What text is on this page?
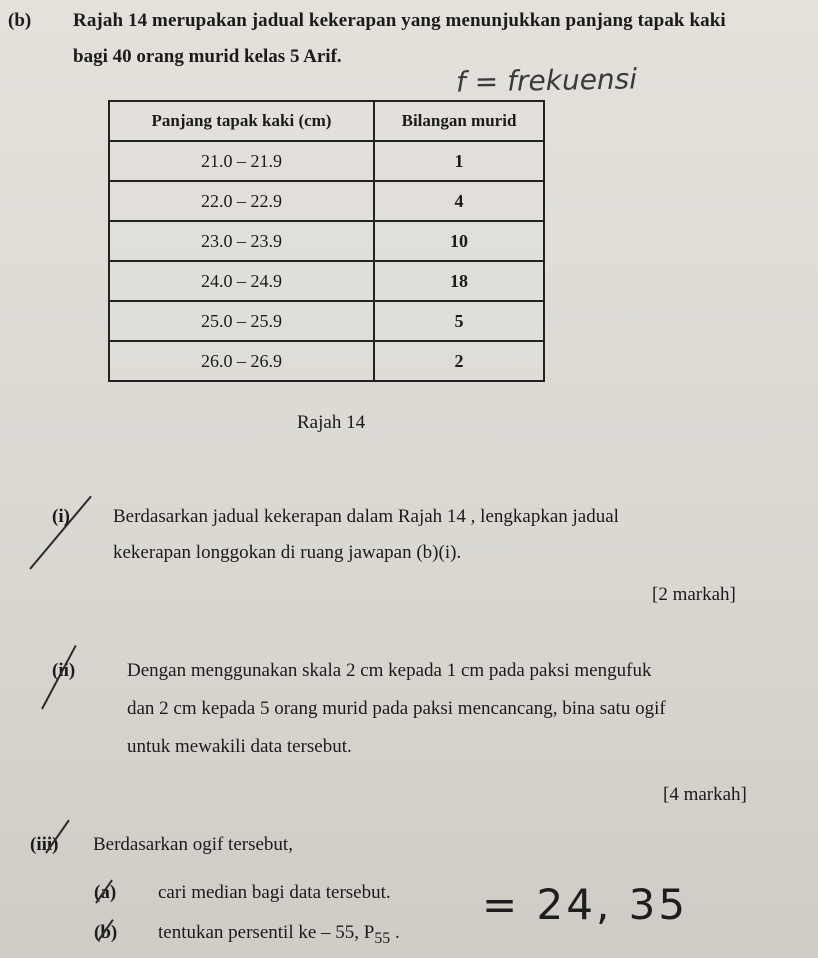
(b) Rajah 14 merupakan jadual kekerapan yang menunjukkan panjang tapak kaki
bagi 40 orang murid kelas 5 Arif.
f = frekuensi
Panjang tapak kaki (cm)	Bilangan murid
21.0 – 21.9	1
22.0 – 22.9	4
23.0 – 23.9	10
24.0 – 24.9	18
25.0 – 25.9	5
26.0 – 26.9	2
Rajah 14
(i) Berdasarkan jadual kekerapan dalam Rajah 14 , lengkapkan jadual
kekerapan longgokan di ruang jawapan (b)(i).
[2 markah]
(ii)	Dengan menggunakan skala 2 cm kepada 1 cm pada paksi mengufuk
dan 2 cm kepada 5 orang murid pada paksi mencancang, bina satu ogif
untuk mewakili data tersebut.
[4 markah]
(iii) Berdasarkan ogif tersebut,
(a) cari median bagi data tersebut. = 24, 35
(b) tentukan persentil ke – 55, $P_{55}$ .
